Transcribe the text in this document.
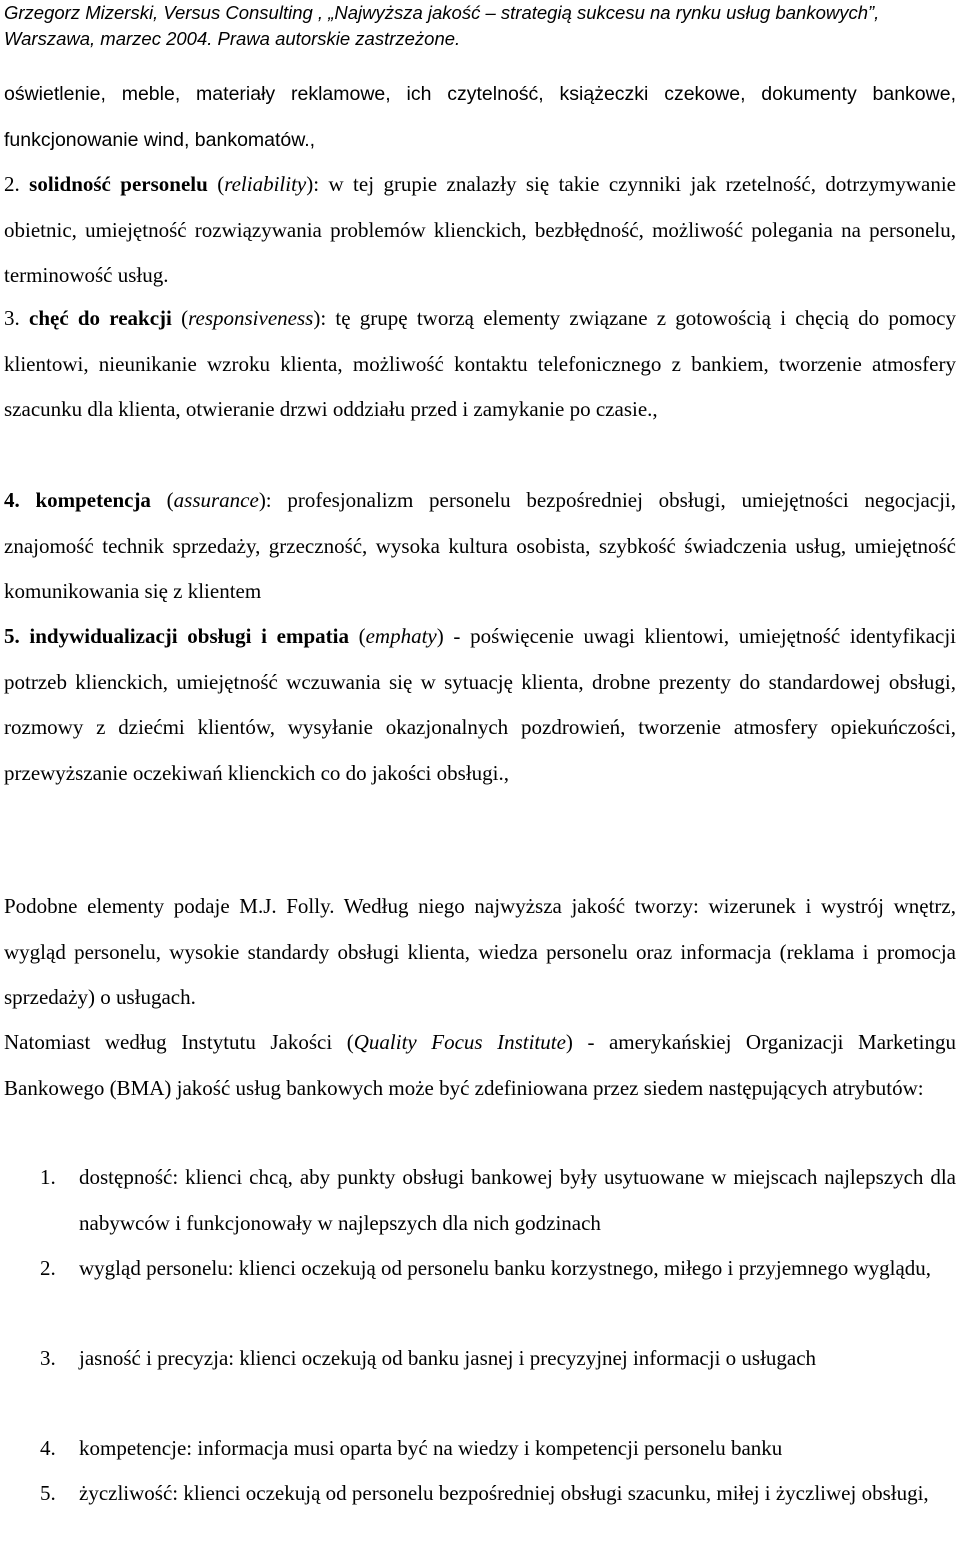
Grzegorz Mizerski, Versus Consulting , „Najwyższa jakość – strategią sukcesu na rynku usług bankowych”,
Warszawa, marzec 2004. Prawa autorskie zastrzeżone.
oświetlenie, meble, materiały reklamowe, ich czytelność, książeczki czekowe, dokumenty bankowe, funkcjonowanie wind, bankomatów.,
2. solidność personelu (reliability): w tej grupie znalazły się takie czynniki jak rzetelność, dotrzymywanie obietnic, umiejętność rozwiązywania problemów klienckich, bezbłędność, możliwość polegania na personelu, terminowość usług.
3. chęć do reakcji (responsiveness): tę grupę tworzą elementy związane z gotowością i chęcią do pomocy klientowi, nieunikanie wzroku klienta, możliwość kontaktu telefonicznego z bankiem, tworzenie atmosfery szacunku dla klienta, otwieranie drzwi oddziału przed i zamykanie po czasie.,
4. kompetencja (assurance): profesjonalizm personelu bezpośredniej obsługi, umiejętności negocjacji, znajomość technik sprzedaży, grzeczność, wysoka kultura osobista, szybkość świadczenia usług, umiejętność komunikowania się z klientem
5. indywidualizacji obsługi i empatia (emphaty) - poświęcenie uwagi klientowi, umiejętność identyfikacji potrzeb klienckich, umiejętność wczuwania się w sytuację klienta, drobne prezenty do standardowej obsługi, rozmowy z dziećmi klientów, wysyłanie okazjonalnych pozdrowień, tworzenie atmosfery opiekuńczości, przewyższanie oczekiwań klienckich co do jakości obsługi.,
Podobne elementy podaje M.J. Folly. Według niego najwyższa jakość tworzy: wizerunek i wystrój wnętrz, wygląd personelu, wysokie standardy obsługi klienta, wiedza personelu oraz informacja (reklama i promocja sprzedaży) o usługach.
Natomiast według Instytutu Jakości (Quality Focus Institute) - amerykańskiej Organizacji Marketingu Bankowego (BMA) jakość usług bankowych może być zdefiniowana przez siedem następujących atrybutów:
1. dostępność: klienci chcą, aby punkty obsługi bankowej były usytuowane w miejscach najlepszych dla nabywców i funkcjonowały w najlepszych dla nich godzinach
2. wygląd personelu: klienci oczekują od personelu banku korzystnego, miłego i przyjemnego wyglądu,
3. jasność i precyzja: klienci oczekują od banku jasnej i precyzyjnej informacji o usługach
4. kompetencje: informacja musi oparta być na wiedzy i kompetencji personelu banku
5. życzliwość: klienci oczekują od personelu bezpośredniej obsługi szacunku, miłej i życzliwej obsługi,
